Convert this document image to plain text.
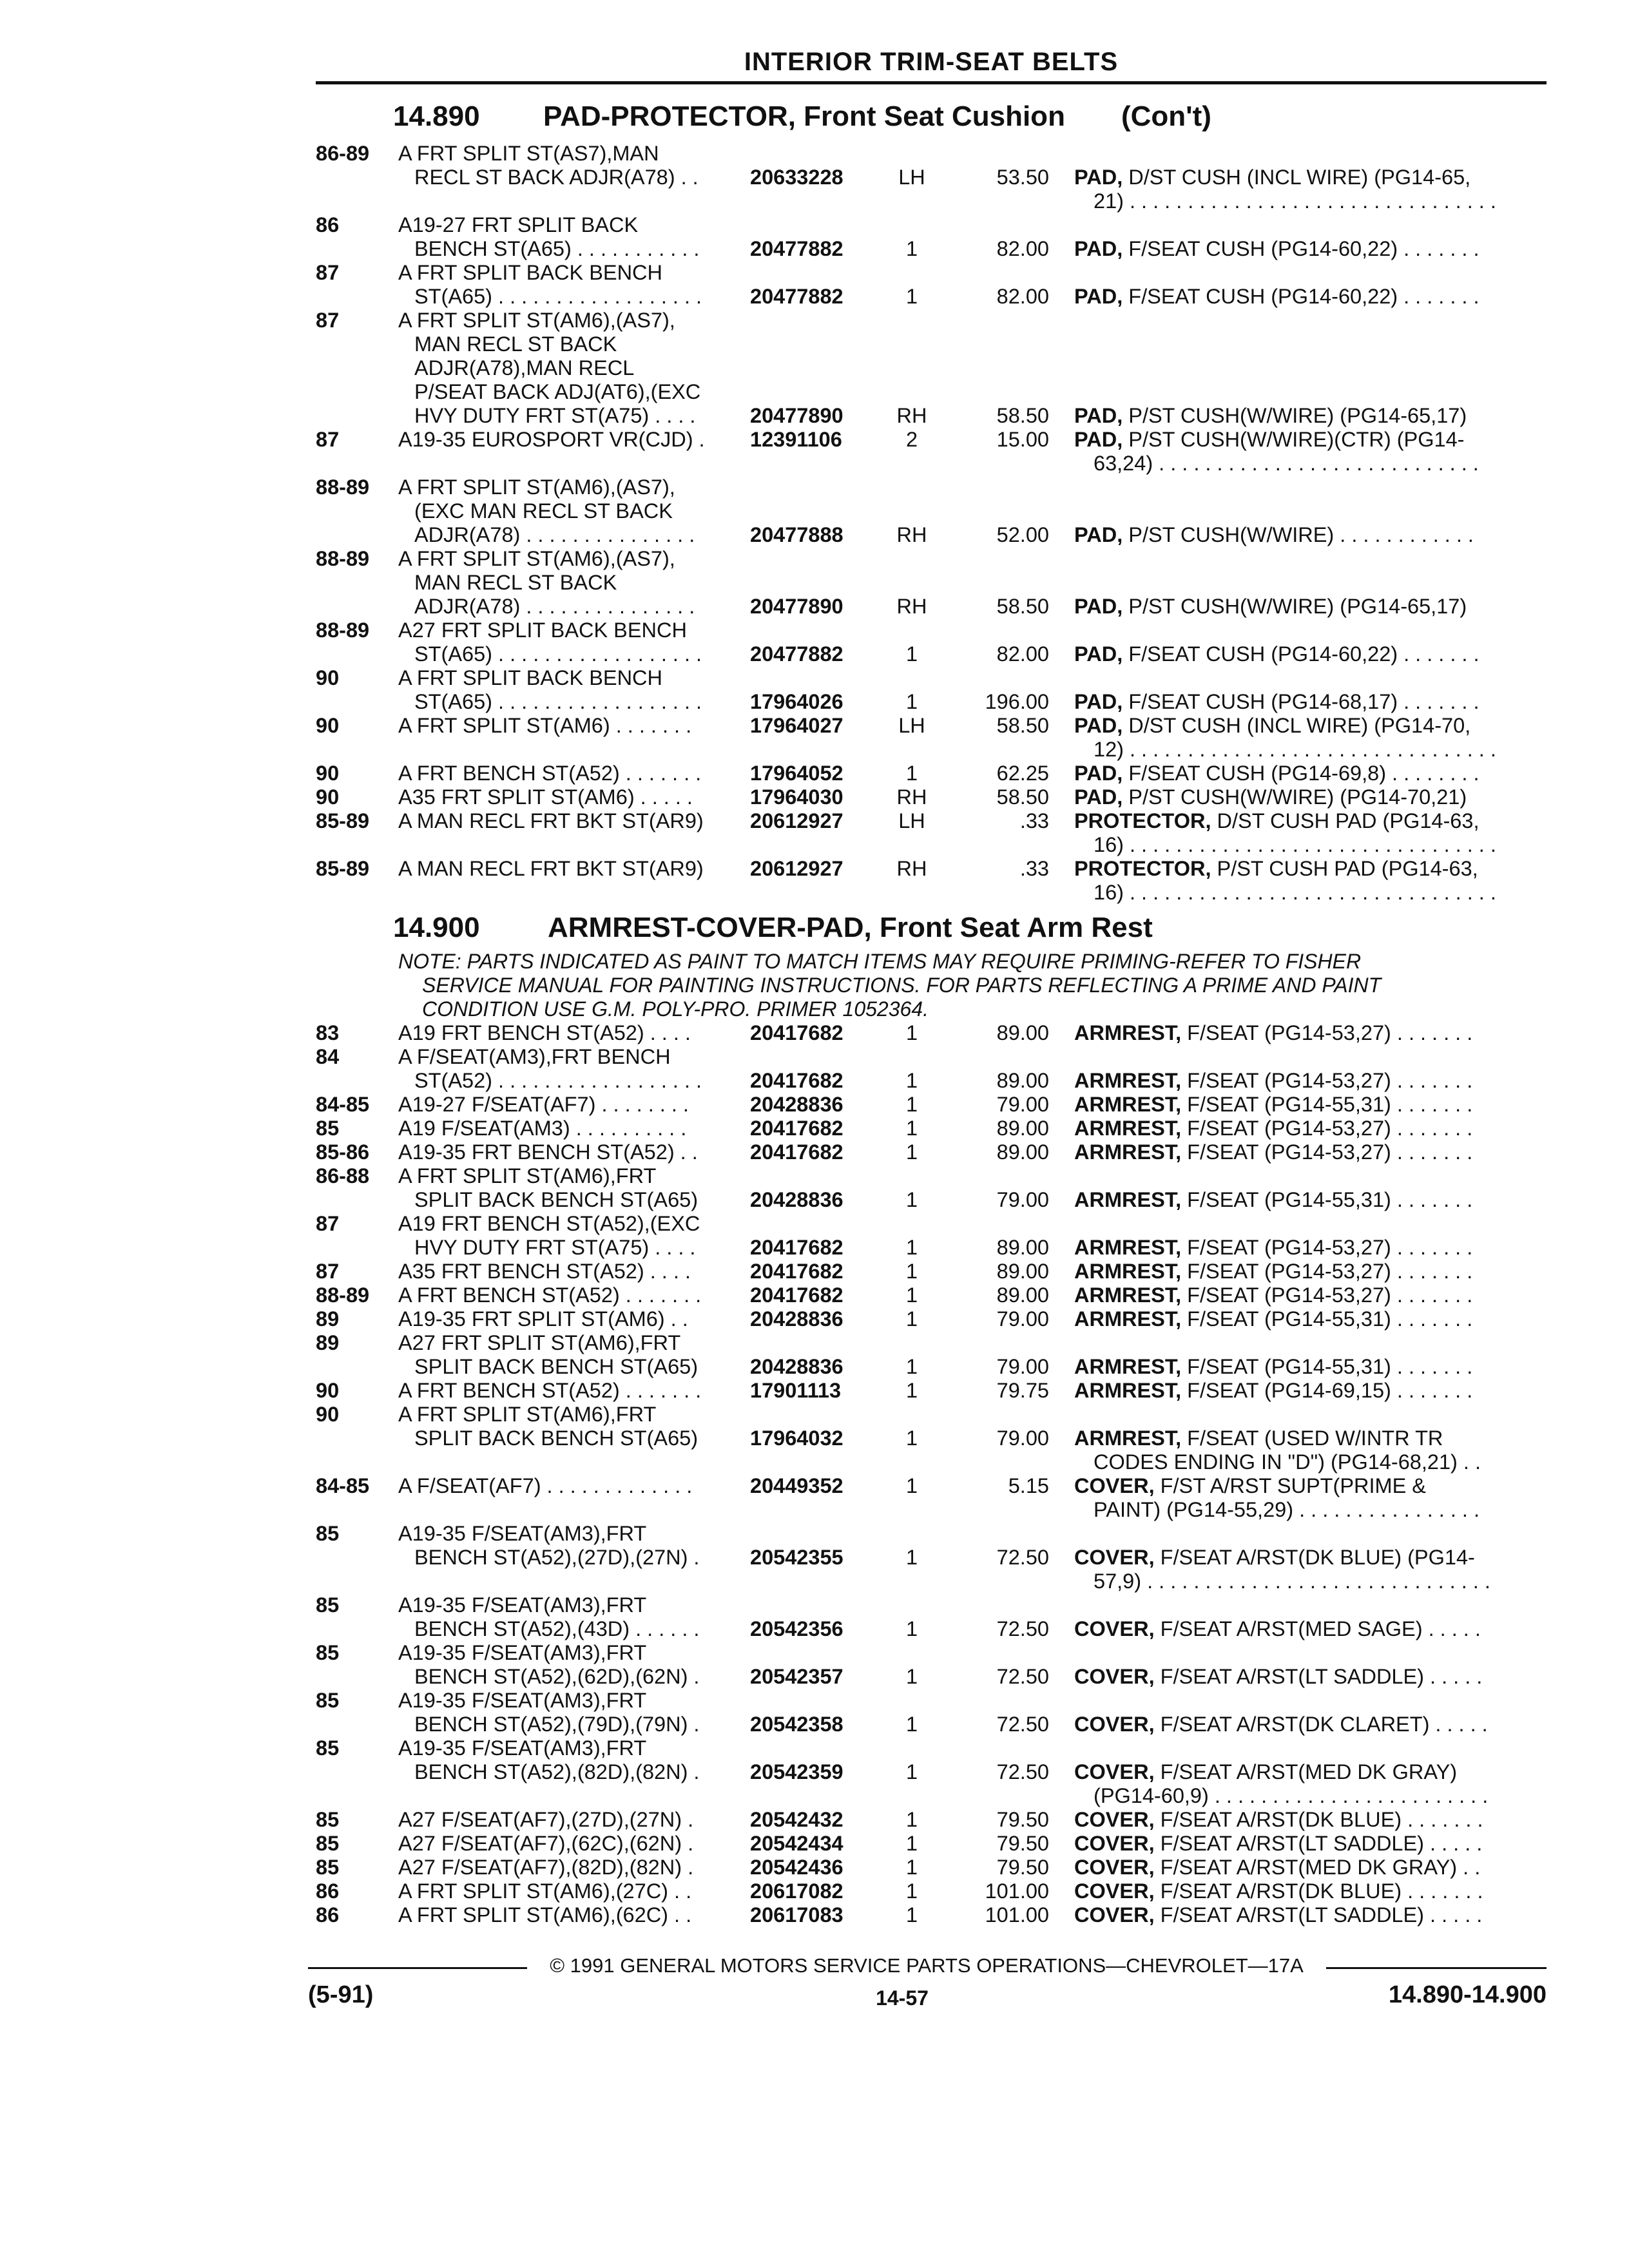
INTERIOR TRIM-SEAT BELTS
14.890 PAD-PROTECTOR, Front Seat Cushion (Con't)
14.900 ARMREST-COVER-PAD, Front Seat Arm Rest
NOTE: PARTS INDICATED AS PAINT TO MATCH ITEMS MAY REQUIRE PRIMING-REFER TO FISHER
SERVICE MANUAL FOR PAINTING INSTRUCTIONS. FOR PARTS REFLECTING A PRIME AND PAINT
CONDITION USE G.M. POLY-PRO. PRIMER 1052364.
86-89	A FRT SPLIT ST(AS7),MAN
RECL ST BACK ADJR(A78) . .	20633228	LH	53.50 PAD, D/ST CUSH (INCL WIRE) (PG14-65,
21) . . . . . . . . . . . . . . . . . . . . . . . . . . . . . . . .
86	A19-27 FRT SPLIT BACK
BENCH ST(A65) . . . . . . . . . . .	20477882	1	82.00 PAD, F/SEAT CUSH (PG14-60,22) . . . . . . .
87	A FRT SPLIT BACK BENCH
ST(A65) . . . . . . . . . . . . . . . . . .	20477882	1	82.00 PAD, F/SEAT CUSH (PG14-60,22) . . . . . . .
87	A FRT SPLIT ST(AM6),(AS7),
MAN RECL ST BACK
ADJR(A78),MAN RECL
P/SEAT BACK ADJ(AT6),(EXC
HVY DUTY FRT ST(A75) . . . .	20477890	RH	58.50 PAD, P/ST CUSH(W/WIRE) (PG14-65,17)
87	A19-35 EUROSPORT VR(CJD) .	12391106	2	15.00 PAD, P/ST CUSH(W/WIRE)(CTR) (PG14-
63,24) . . . . . . . . . . . . . . . . . . . . . . . . . . . .
88-89	A FRT SPLIT ST(AM6),(AS7),
(EXC MAN RECL ST BACK
ADJR(A78) . . . . . . . . . . . . . . .	20477888	RH	52.00 PAD, P/ST CUSH(W/WIRE) . . . . . . . . . . . .
88-89	A FRT SPLIT ST(AM6),(AS7),
MAN RECL ST BACK
ADJR(A78) . . . . . . . . . . . . . . .	20477890	RH	58.50 PAD, P/ST CUSH(W/WIRE) (PG14-65,17)
88-89	A27 FRT SPLIT BACK BENCH
ST(A65) . . . . . . . . . . . . . . . . . .	20477882	1	82.00 PAD, F/SEAT CUSH (PG14-60,22) . . . . . . .
90	A FRT SPLIT BACK BENCH
ST(A65) . . . . . . . . . . . . . . . . . .	17964026	1	196.00 PAD, F/SEAT CUSH (PG14-68,17) . . . . . . .
90	A FRT SPLIT ST(AM6) . . . . . . .	17964027	LH	58.50 PAD, D/ST CUSH (INCL WIRE) (PG14-70,
12) . . . . . . . . . . . . . . . . . . . . . . . . . . . . . . . .
90	A FRT BENCH ST(A52) . . . . . . .	17964052	1	62.25 PAD, F/SEAT CUSH (PG14-69,8) . . . . . . . .
90	A35 FRT SPLIT ST(AM6) . . . . .	17964030	RH	58.50 PAD, P/ST CUSH(W/WIRE) (PG14-70,21)
85-89	A MAN RECL FRT BKT ST(AR9)	20612927	LH	.33 PROTECTOR, D/ST CUSH PAD (PG14-63,
16) . . . . . . . . . . . . . . . . . . . . . . . . . . . . . . . .
85-89	A MAN RECL FRT BKT ST(AR9)	20612927	RH	.33 PROTECTOR, P/ST CUSH PAD (PG14-63,
16) . . . . . . . . . . . . . . . . . . . . . . . . . . . . . . . .
83	A19 FRT BENCH ST(A52) . . . .	20417682	1	89.00 ARMREST, F/SEAT (PG14-53,27) . . . . . . .
84	A F/SEAT(AM3),FRT BENCH
ST(A52) . . . . . . . . . . . . . . . . . .	20417682	1	89.00 ARMREST, F/SEAT (PG14-53,27) . . . . . . .
84-85	A19-27 F/SEAT(AF7) . . . . . . . .	20428836	1	79.00 ARMREST, F/SEAT (PG14-55,31) . . . . . . .
85	A19 F/SEAT(AM3) . . . . . . . . . .	20417682	1	89.00 ARMREST, F/SEAT (PG14-53,27) . . . . . . .
85-86	A19-35 FRT BENCH ST(A52) . .	20417682	1	89.00 ARMREST, F/SEAT (PG14-53,27) . . . . . . .
86-88	A FRT SPLIT ST(AM6),FRT
SPLIT BACK BENCH ST(A65)	20428836	1	79.00 ARMREST, F/SEAT (PG14-55,31) . . . . . . .
87	A19 FRT BENCH ST(A52),(EXC
HVY DUTY FRT ST(A75) . . . .	20417682	1	89.00 ARMREST, F/SEAT (PG14-53,27) . . . . . . .
87	A35 FRT BENCH ST(A52) . . . .	20417682	1	89.00 ARMREST, F/SEAT (PG14-53,27) . . . . . . .
88-89	A FRT BENCH ST(A52) . . . . . . .	20417682	1	89.00 ARMREST, F/SEAT (PG14-53,27) . . . . . . .
89	A19-35 FRT SPLIT ST(AM6) . .	20428836	1	79.00 ARMREST, F/SEAT (PG14-55,31) . . . . . . .
89	A27 FRT SPLIT ST(AM6),FRT
SPLIT BACK BENCH ST(A65)	20428836	1	79.00 ARMREST, F/SEAT (PG14-55,31) . . . . . . .
90	A FRT BENCH ST(A52) . . . . . . .	17901113	1	79.75 ARMREST, F/SEAT (PG14-69,15) . . . . . . .
90	A FRT SPLIT ST(AM6),FRT
SPLIT BACK BENCH ST(A65)	17964032	1	79.00 ARMREST, F/SEAT (USED W/INTR TR
CODES ENDING IN "D") (PG14-68,21) . .
84-85	A F/SEAT(AF7) . . . . . . . . . . . . .	20449352	1	5.15 COVER, F/ST A/RST SUPT(PRIME &
PAINT) (PG14-55,29) . . . . . . . . . . . . . . . .
85	A19-35 F/SEAT(AM3),FRT
BENCH ST(A52),(27D),(27N) .	20542355	1	72.50 COVER, F/SEAT A/RST(DK BLUE) (PG14-
57,9) . . . . . . . . . . . . . . . . . . . . . . . . . . . . . .
85	A19-35 F/SEAT(AM3),FRT
BENCH ST(A52),(43D) . . . . . .	20542356	1	72.50 COVER, F/SEAT A/RST(MED SAGE) . . . . .
85	A19-35 F/SEAT(AM3),FRT
BENCH ST(A52),(62D),(62N) .	20542357	1	72.50 COVER, F/SEAT A/RST(LT SADDLE) . . . . .
85	A19-35 F/SEAT(AM3),FRT
BENCH ST(A52),(79D),(79N) .	20542358	1	72.50 COVER, F/SEAT A/RST(DK CLARET) . . . . .
85	A19-35 F/SEAT(AM3),FRT
BENCH ST(A52),(82D),(82N) .	20542359	1	72.50 COVER, F/SEAT A/RST(MED DK GRAY)
(PG14-60,9) . . . . . . . . . . . . . . . . . . . . . . . .
85	A27 F/SEAT(AF7),(27D),(27N) .	20542432	1	79.50 COVER, F/SEAT A/RST(DK BLUE) . . . . . . .
85	A27 F/SEAT(AF7),(62C),(62N) .	20542434	1	79.50 COVER, F/SEAT A/RST(LT SADDLE) . . . . .
85	A27 F/SEAT(AF7),(82D),(82N) .	20542436	1	79.50 COVER, F/SEAT A/RST(MED DK GRAY) . .
86	A FRT SPLIT ST(AM6),(27C) . .	20617082	1	101.00 COVER, F/SEAT A/RST(DK BLUE) . . . . . . .
86	A FRT SPLIT ST(AM6),(62C) . .	20617083	1	101.00 COVER, F/SEAT A/RST(LT SADDLE) . . . . .
© 1991 GENERAL MOTORS SERVICE PARTS OPERATIONS—CHEVROLET—17A
(5-91)	14-57	14.890-14.900
